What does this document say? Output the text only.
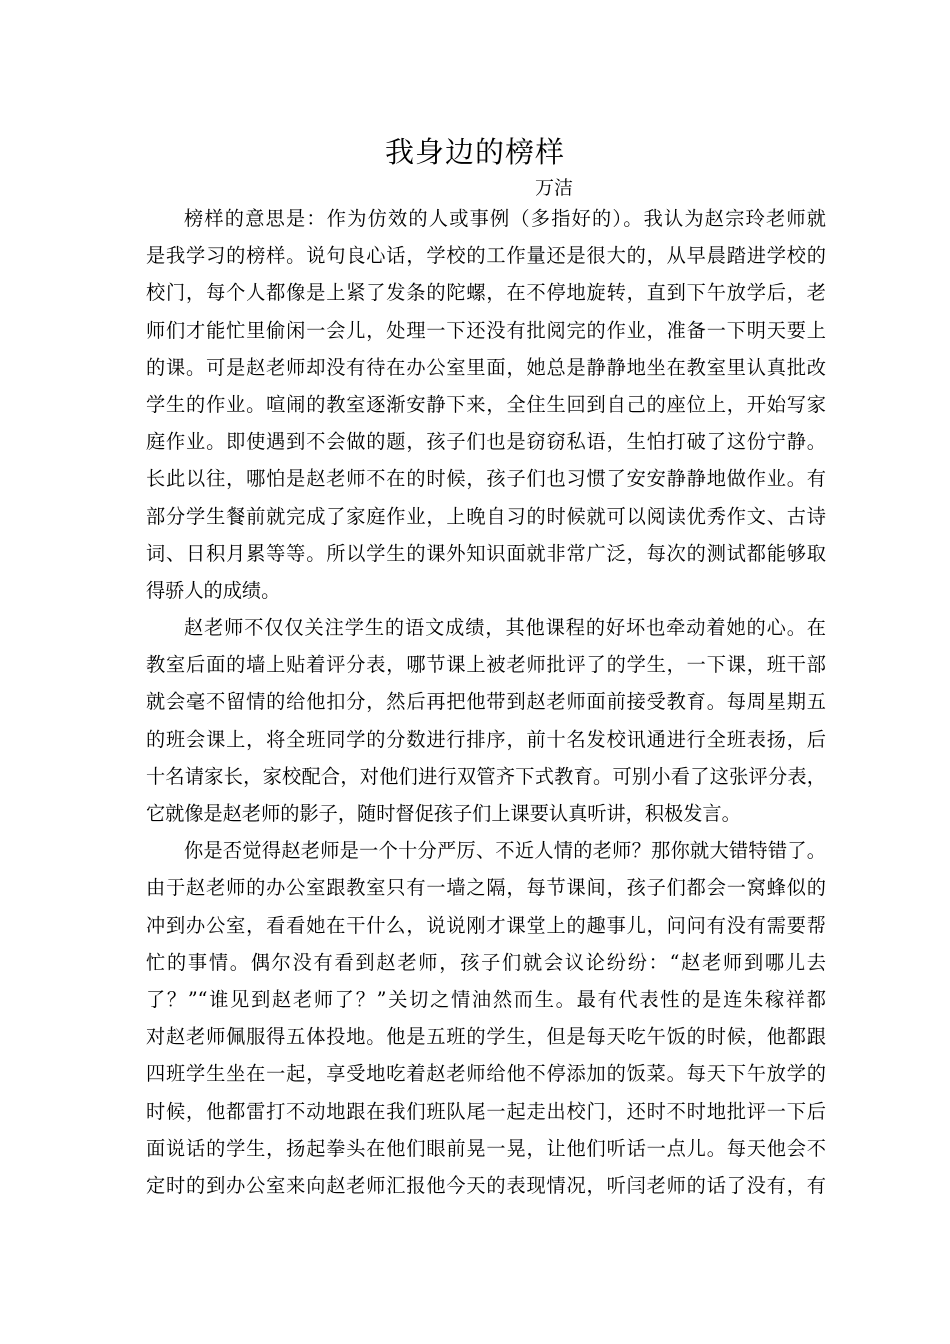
我身边的榜样
万洁
榜样的意思是：作为仿效的人或事例（多指好的）。我认为赵宗玲老师就
是我学习的榜样。说句良心话，学校的工作量还是很大的，从早晨踏进学校的
校门，每个人都像是上紧了发条的陀螺，在不停地旋转，直到下午放学后，老
师们才能忙里偷闲一会儿，处理一下还没有批阅完的作业，准备一下明天要上
的课。可是赵老师却没有待在办公室里面，她总是静静地坐在教室里认真批改
学生的作业。喧闹的教室逐渐安静下来，全住生回到自己的座位上，开始写家
庭作业。即使遇到不会做的题，孩子们也是窃窃私语，生怕打破了这份宁静。
长此以往，哪怕是赵老师不在的时候，孩子们也习惯了安安静静地做作业。有
部分学生餐前就完成了家庭作业，上晚自习的时候就可以阅读优秀作文、古诗
词、日积月累等等。所以学生的课外知识面就非常广泛，每次的测试都能够取
得骄人的成绩。
赵老师不仅仅关注学生的语文成绩，其他课程的好坏也牵动着她的心。在
教室后面的墙上贴着评分表，哪节课上被老师批评了的学生，一下课，班干部
就会毫不留情的给他扣分，然后再把他带到赵老师面前接受教育。每周星期五
的班会课上，将全班同学的分数进行排序，前十名发校讯通进行全班表扬，后
十名请家长，家校配合，对他们进行双管齐下式教育。可别小看了这张评分表，
它就像是赵老师的影子，随时督促孩子们上课要认真听讲，积极发言。
你是否觉得赵老师是一个十分严厉、不近人情的老师？那你就大错特错了。
由于赵老师的办公室跟教室只有一墙之隔，每节课间，孩子们都会一窝蜂似的
冲到办公室，看看她在干什么，说说刚才课堂上的趣事儿，问问有没有需要帮
忙的事情。偶尔没有看到赵老师，孩子们就会议论纷纷：“赵老师到哪儿去
了？”“谁见到赵老师了？”关切之情油然而生。最有代表性的是连朱稼祥都
对赵老师佩服得五体投地。他是五班的学生，但是每天吃午饭的时候，他都跟
四班学生坐在一起，享受地吃着赵老师给他不停添加的饭菜。每天下午放学的
时候，他都雷打不动地跟在我们班队尾一起走出校门，还时不时地批评一下后
面说话的学生，扬起拳头在他们眼前晃一晃，让他们听话一点儿。每天他会不
定时的到办公室来向赵老师汇报他今天的表现情况，听闫老师的话了没有，有
